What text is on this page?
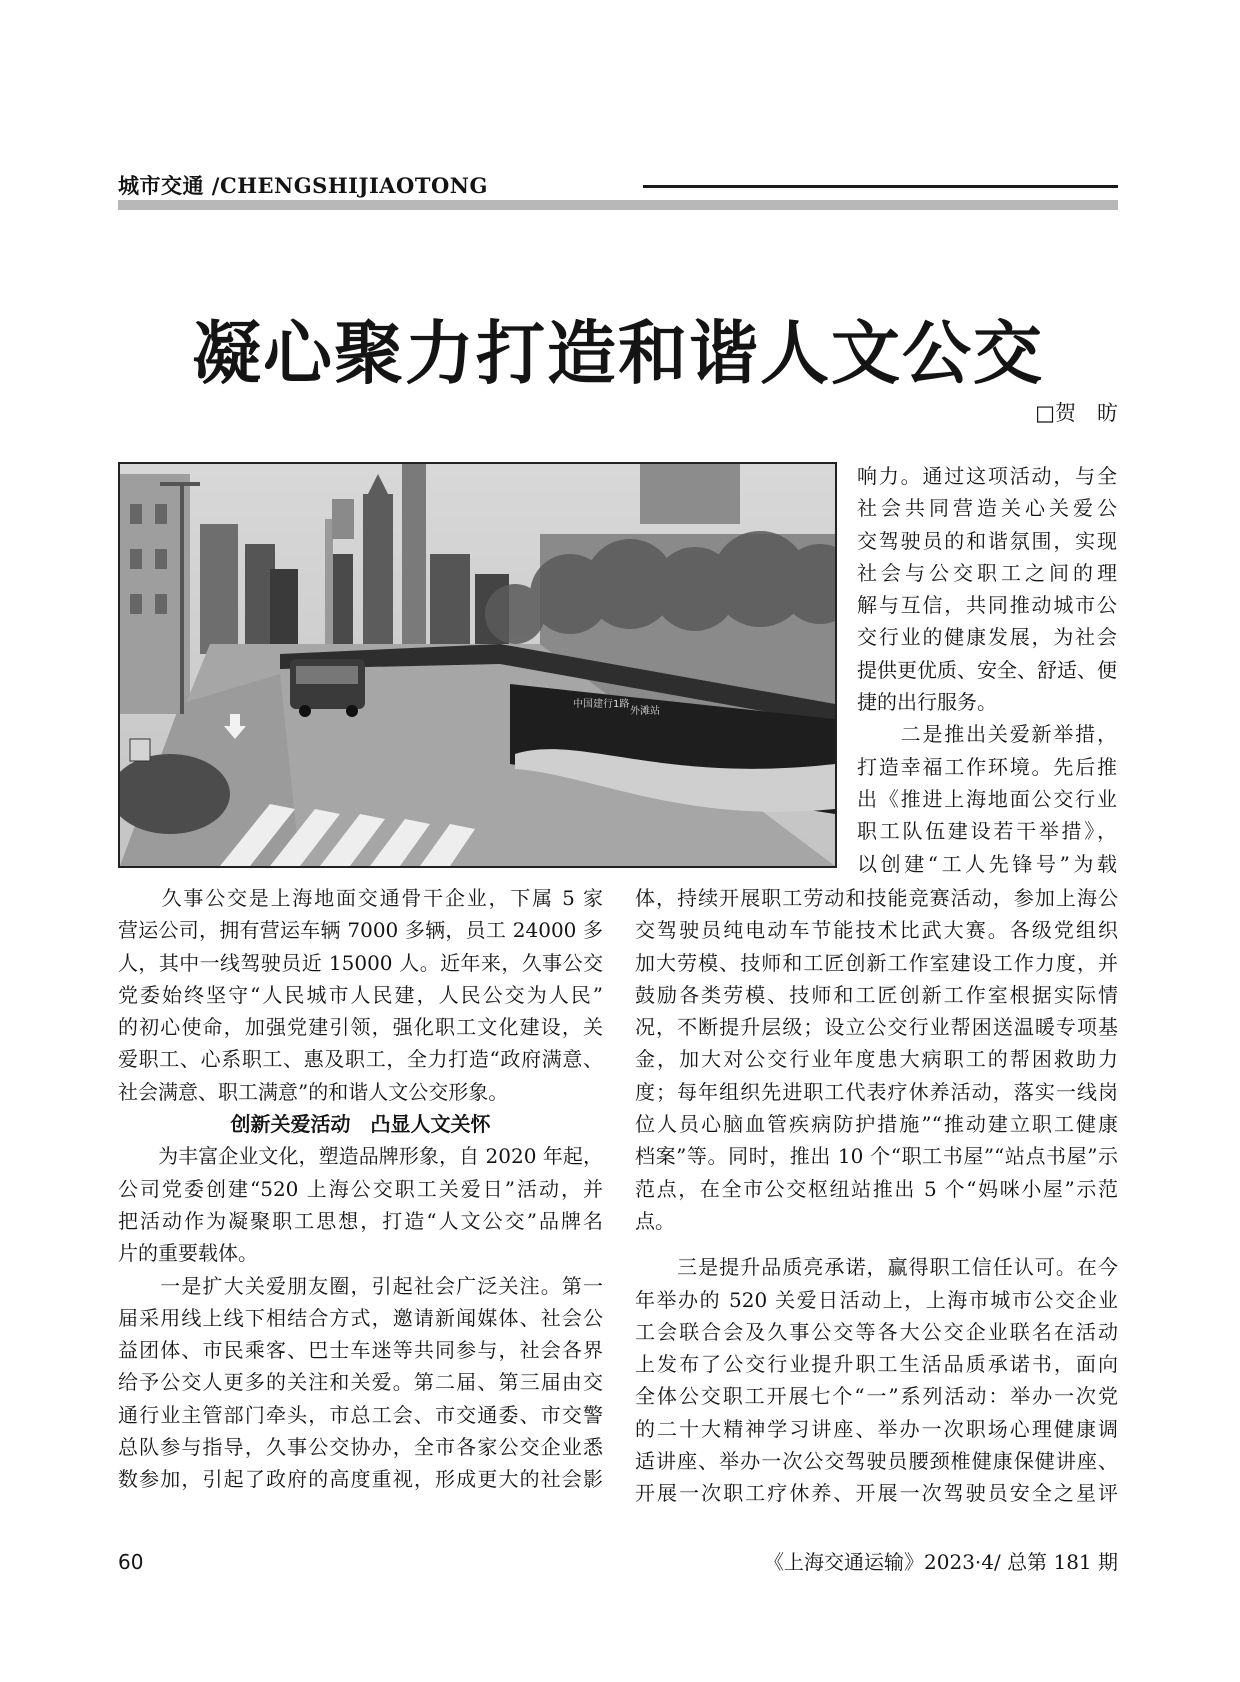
城市交通 /CHENGSHIJIAOTONG
凝心聚力打造和谐人文公交
□贺　昉
中国建行1路
外滩站
响力。通过这项活动，与全
社会共同营造关心关爱公
交驾驶员的和谐氛围，实现
社会与公交职工之间的理
解与互信，共同推动城市公
交行业的健康发展，为社会
提供更优质、安全、舒适、便
捷的出行服务。
　　二是推出关爱新举措，
打造幸福工作环境。先后推
出《推进上海地面公交行业
职工队伍建设若干举措》，
以创建“工人先锋号”为载
　　久事公交是上海地面交通骨干企业，下属 5 家
营运公司，拥有营运车辆 7000 多辆，员工 24000 多
人，其中一线驾驶员近 15000 人。近年来，久事公交
党委始终坚守“人民城市人民建，人民公交为人民”
的初心使命，加强党建引领，强化职工文化建设，关
爱职工、心系职工、惠及职工，全力打造“政府满意、
社会满意、职工满意”的和谐人文公交形象。
创新关爱活动　凸显人文关怀
　　为丰富企业文化，塑造品牌形象，自 2020 年起，
公司党委创建“520 上海公交职工关爱日”活动，并
把活动作为凝聚职工思想，打造“人文公交”品牌名
片的重要载体。
　　一是扩大关爱朋友圈，引起社会广泛关注。第一
届采用线上线下相结合方式，邀请新闻媒体、社会公
益团体、市民乘客、巴士车迷等共同参与，社会各界
给予公交人更多的关注和关爱。第二届、第三届由交
通行业主管部门牵头，市总工会、市交通委、市交警
总队参与指导，久事公交协办，全市各家公交企业悉
数参加，引起了政府的高度重视，形成更大的社会影
体，持续开展职工劳动和技能竞赛活动，参加上海公
交驾驶员纯电动车节能技术比武大赛。各级党组织
加大劳模、技师和工匠创新工作室建设工作力度，并
鼓励各类劳模、技师和工匠创新工作室根据实际情
况，不断提升层级；设立公交行业帮困送温暖专项基
金，加大对公交行业年度患大病职工的帮困救助力
度；每年组织先进职工代表疗休养活动，落实一线岗
位人员心脑血管疾病防护措施”“推动建立职工健康
档案”等。同时，推出 10 个“职工书屋”“站点书屋”示
范点，在全市公交枢纽站推出 5 个“妈咪小屋”示范
点。
　　三是提升品质亮承诺，赢得职工信任认可。在今
年举办的 520 关爱日活动上，上海市城市公交企业
工会联合会及久事公交等各大公交企业联名在活动
上发布了公交行业提升职工生活品质承诺书，面向
全体公交职工开展七个“一”系列活动：举办一次党
的二十大精神学习讲座、举办一次职场心理健康调
适讲座、举办一次公交驾驶员腰颈椎健康保健讲座、
开展一次职工疗休养、开展一次驾驶员安全之星评
60	《上海交通运输》2023·4/ 总第 181 期
